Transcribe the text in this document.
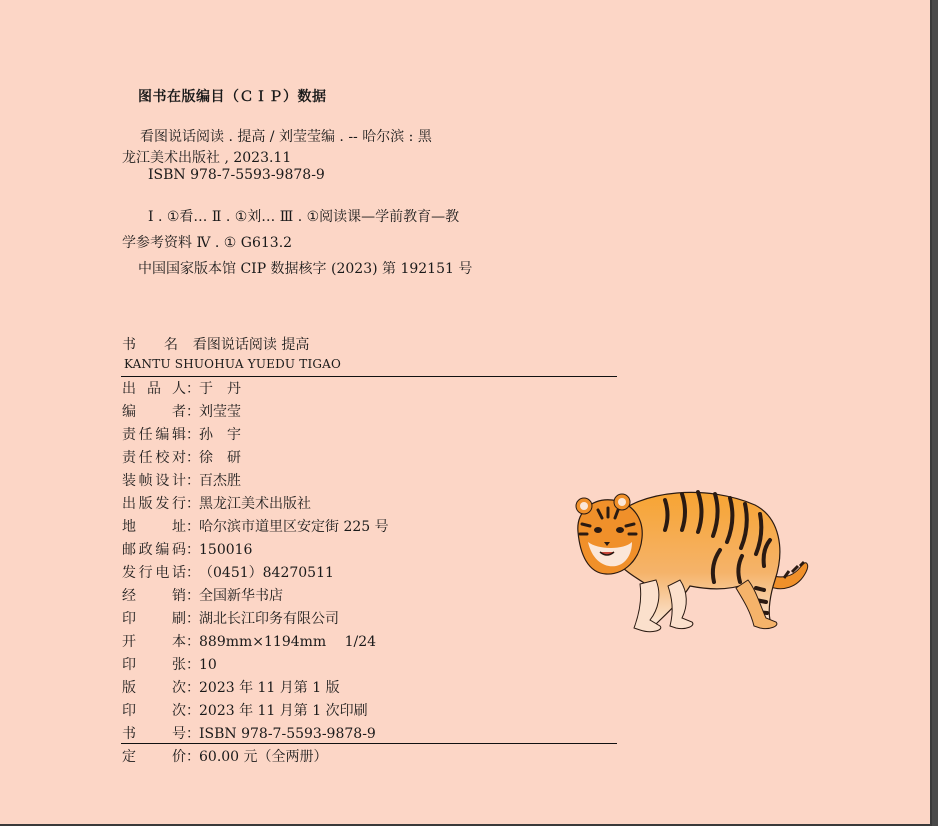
图书在版编目（ＣＩＰ）数据
看图说话阅读 . 提高 / 刘莹莹编 . -- 哈尔滨 : 黑
龙江美术出版社 , 2023.11
ISBN 978-7-5593-9878-9
Ⅰ . ①看… Ⅱ . ①刘… Ⅲ . ①阅读课—学前教育—教
学参考资料 Ⅳ . ① G613.2
中国国家版本馆 CIP 数据核字 (2023) 第 192151 号
书　　名 看图说话阅读 提高
KANTU SHUOHUA YUEDU TIGAO
出品人 ： 于　丹
编者 ： 刘莹莹
责任编辑 ： 孙　宇
责任校对 ： 徐　研
装帧设计 ： 百杰胜
出版发行 ： 黑龙江美术出版社
地址 ： 哈尔滨市道里区安定街 225 号
邮政编码 ： 150016
发行电话 ： （0451）84270511
经销 ： 全国新华书店
印刷 ： 湖北长江印务有限公司
开本 ： 889mm×1194mm　 1/24
印张 ： 10
版次 ： 2023 年 11 月第 1 版
印次 ： 2023 年 11 月第 1 次印刷
书号 ： ISBN 978-7-5593-9878-9
定价 ： 60.00 元（全两册）
